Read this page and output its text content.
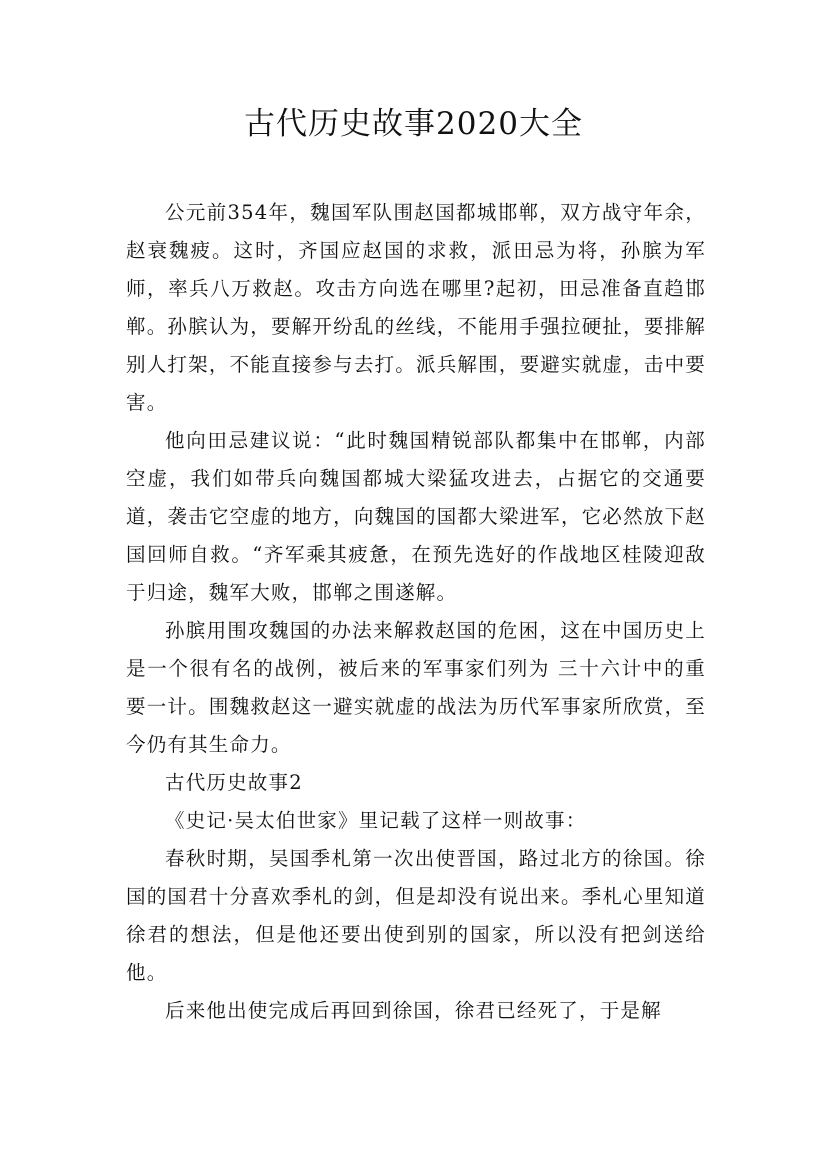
古代历史故事2020大全

公元前354年，魏国军队围赵国都城邯郸，双方战守年余，赵衰魏疲。这时，齐国应赵国的求救，派田忌为将，孙膑为军师，率兵八万救赵。攻击方向选在哪里?起初，田忌准备直趋邯郸。孙膑认为，要解开纷乱的丝线，不能用手强拉硬扯，要排解别人打架，不能直接参与去打。派兵解围，要避实就虚，击中要害。

他向田忌建议说：“此时魏国精锐部队都集中在邯郸，内部空虚，我们如带兵向魏国都城大梁猛攻进去，占据它的交通要道，袭击它空虚的地方，向魏国的国都大梁进军，它必然放下赵国回师自救。“齐军乘其疲惫，在预先选好的作战地区桂陵迎敌于归途，魏军大败，邯郸之围遂解。

孙膑用围攻魏国的办法来解救赵国的危困，这在中国历史上是一个很有名的战例，被后来的军事家们列为 三十六计中的重要一计。围魏救赵这一避实就虚的战法为历代军事家所欣赏，至今仍有其生命力。

古代历史故事2

《史记·吴太伯世家》里记载了这样一则故事：

春秋时期，吴国季札第一次出使晋国，路过北方的徐国。徐国的国君十分喜欢季札的剑，但是却没有说出来。季札心里知道徐君的想法，但是他还要出使到别的国家，所以没有把剑送给他。

后来他出使完成后再回到徐国，徐君已经死了，于是解
